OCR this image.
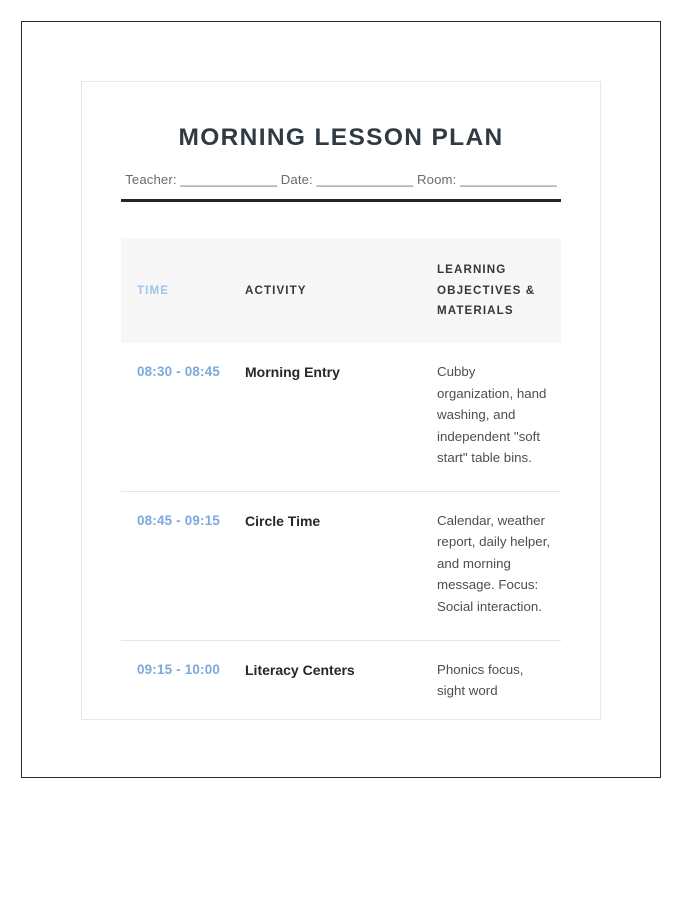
MORNING LESSON PLAN
Teacher: _____________ Date: _____________ Room: _____________
TIME	ACTIVITY	LEARNING OBJECTIVES & MATERIALS
08:30 - 08:45	Morning Entry	Cubby organization, hand washing, and independent "soft start" table bins.
08:45 - 09:15	Circle Time	Calendar, weather report, daily helper, and morning message. Focus: Social interaction.
09:15 - 10:00	Literacy Centers	Phonics focus, sight word
